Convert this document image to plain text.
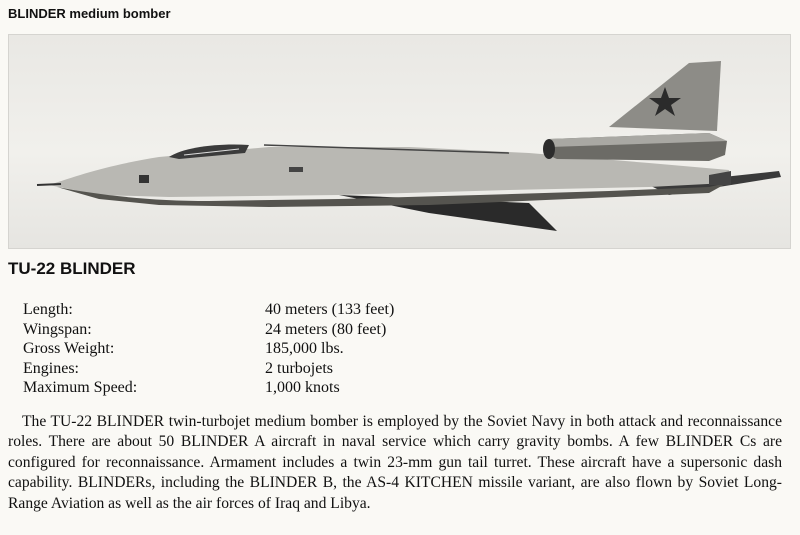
BLINDER medium bomber
TU-22 BLINDER
Length:	40 meters (133 feet)
Wingspan:	24 meters (80 feet)
Gross Weight:	185,000 lbs.
Engines:	2 turbojets
Maximum Speed:	1,000 knots

The TU-22 BLINDER twin-turbojet medium bomber is employed by the Soviet Navy in both attack and reconnaissance roles. There are about 50 BLINDER A aircraft in naval service which carry gravity bombs. A few BLINDER Cs are configured for reconnaissance. Armament includes a twin 23-mm gun tail turret. These aircraft have a supersonic dash capability. BLINDERs, including the BLINDER B, the AS-4 KITCHEN missile variant, are also flown by Soviet Long-Range Aviation as well as the air forces of Iraq and Libya.
